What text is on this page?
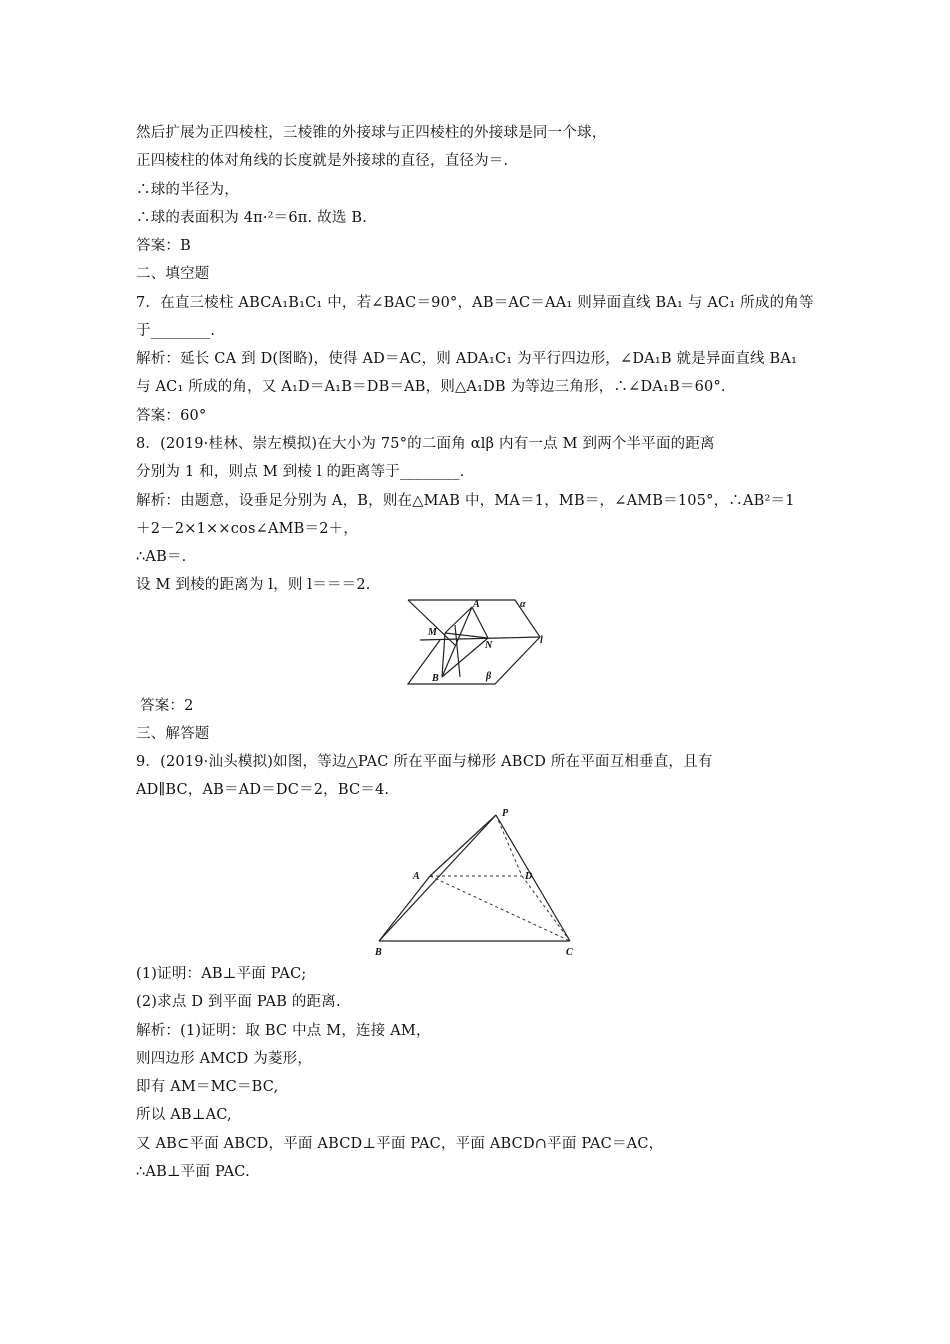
然后扩展为正四棱柱，三棱锥的外接球与正四棱柱的外接球是同一个球，
正四棱柱的体对角线的长度就是外接球的直径，直径为＝.
∴球的半径为，
∴球的表面积为 4π·²＝6π. 故选 B.
答案：B
二、填空题
7．在直三棱柱 ABCA₁B₁C₁ 中，若∠BAC＝90°，AB＝AC＝AA₁ 则异面直线 BA₁ 与 AC₁ 所成的角等
于________.
解析：延长 CA 到 D(图略)，使得 AD＝AC，则 ADA₁C₁ 为平行四边形，∠DA₁B 就是异面直线 BA₁
与 AC₁ 所成的角，又 A₁D＝A₁B＝DB＝AB，则△A₁DB 为等边三角形，∴∠DA₁B＝60°.
答案：60°
8．(2019·桂林、崇左模拟)在大小为 75°的二面角 αlβ 内有一点 M 到两个半平面的距离
分别为 1 和，则点 M 到棱 l 的距离等于________.
解析：由题意，设垂足分别为 A，B，则在△MAB 中，MA＝1，MB＝，∠AMB＝105°，∴AB²＝1
＋2－2×1××cos∠AMB＝2＋，
∴AB＝.
设 M 到棱的距离为 l，则 l＝＝＝2.
A	α
M
N	l
B	β
答案：2
三、解答题
9．(2019·汕头模拟)如图，等边△PAC 所在平面与梯形 ABCD 所在平面互相垂直，且有
AD∥BC，AB＝AD＝DC＝2，BC＝4.
P
A	D
B	C
(1)证明：AB⊥平面 PAC;
(2)求点 D 到平面 PAB 的距离.
解析：(1)证明：取 BC 中点 M，连接 AM，
则四边形 AMCD 为菱形，
即有 AM＝MC＝BC,
所以 AB⊥AC,
又 AB⊂平面 ABCD，平面 ABCD⊥平面 PAC，平面 ABCD∩平面 PAC＝AC，
∴AB⊥平面 PAC.
